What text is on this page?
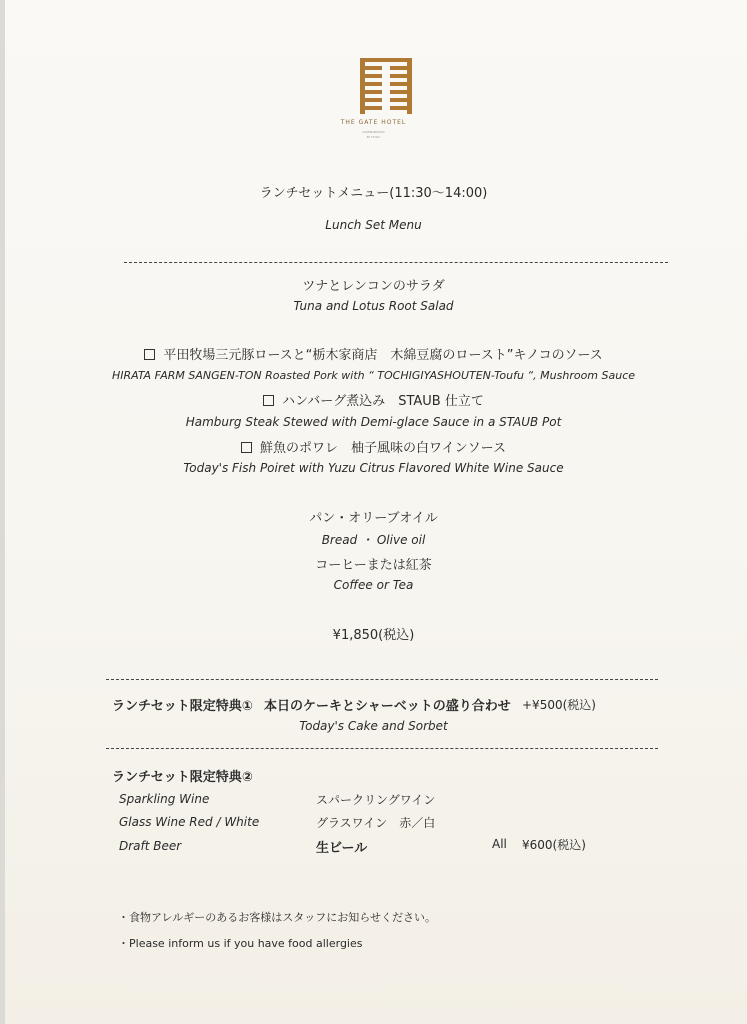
THE GATE HOTEL
KAMINARIMON
BY HULIC
ランチセットメニュー(11:30〜14:00)
Lunch Set Menu
ツナとレンコンのサラダ
Tuna and Lotus Root Salad
平田牧場三元豚ロースと“栃木家商店　木綿豆腐のロースト”キノコのソース
HIRATA FARM SANGEN-TON Roasted Pork with “ TOCHIGIYASHOUTEN-Toufu “, Mushroom Sauce
ハンバーグ煮込み　STAUB 仕立て
Hamburg Steak Stewed with Demi-glace Sauce in a STAUB Pot
鮮魚のポワレ　柚子風味の白ワインソース
Today's Fish Poiret with Yuzu Citrus Flavored White Wine Sauce
パン・オリーブオイル
Bread ・ Olive oil
コーヒーまたは紅茶
Coffee or Tea
¥1,850(税込)
ランチセット限定特典① 本日のケーキとシャーベットの盛り合わせ +¥500(税込)
Today's Cake and Sorbet
ランチセット限定特典②
Sparkling Wine	スパークリングワイン
Glass Wine Red / White	グラスワイン　赤／白
Draft Beer	生ビール	All ¥600(税込)
・食物アレルギーのあるお客様はスタッフにお知らせください。
・Please inform us if you have food allergies
